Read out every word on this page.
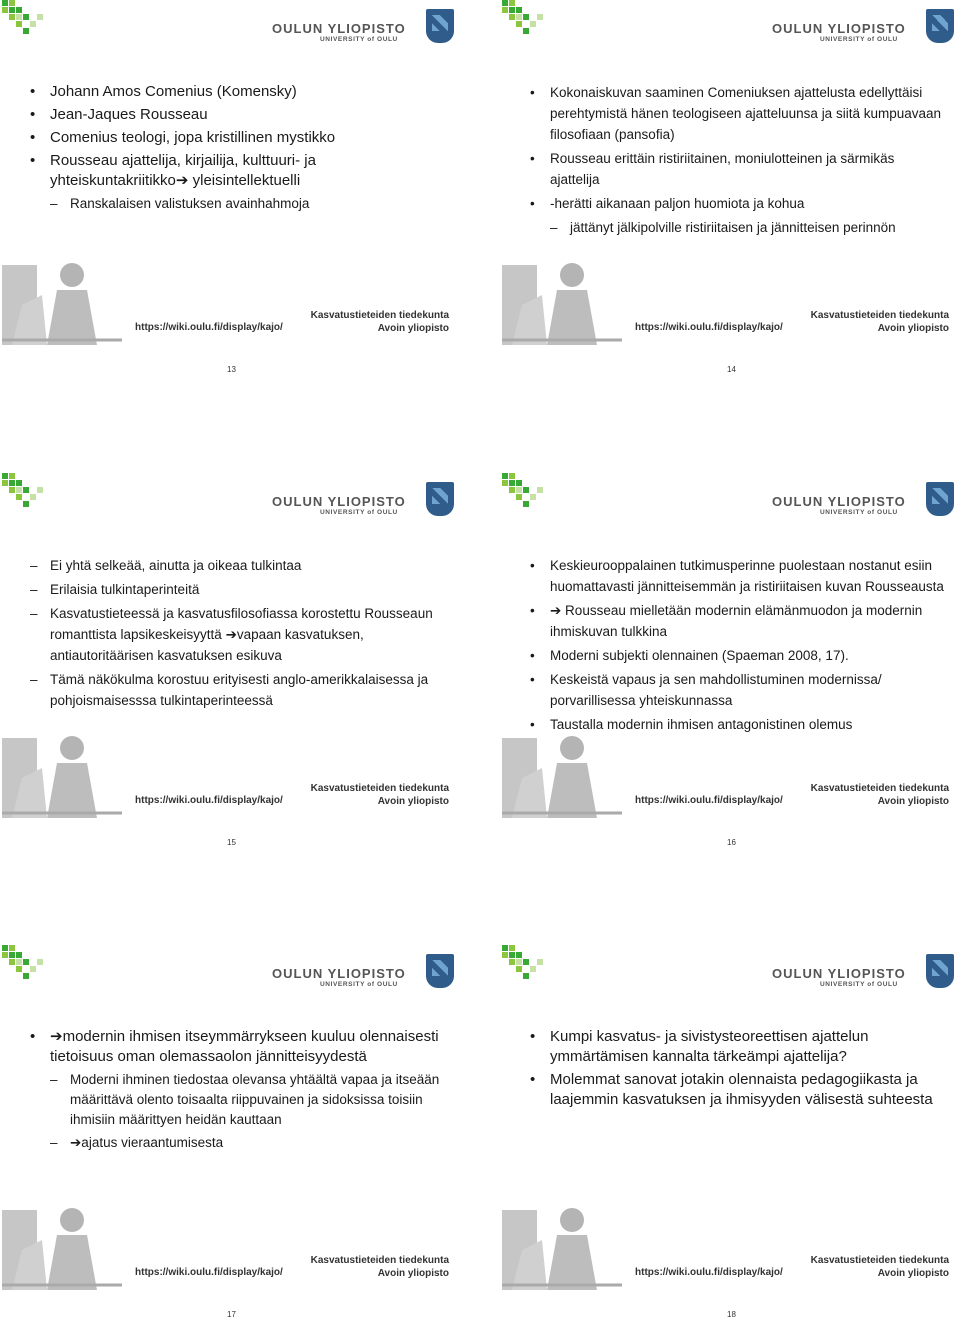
OULUN YLIOPISTO
UNIVERSITY of OULU
https://wiki.oulu.fi/display/kajo/
Kasvatustieteiden tiedekunta
Avoin yliopisto
• Johann Amos Comenius (Komensky)
• Jean-Jaques Rousseau
• Comenius teologi, jopa kristillinen mystikko
• Rousseau ajattelija, kirjailija, kulttuuri- ja yhteiskuntakriitikko➔ yleisintellektuelli
– Ranskalaisen valistuksen avainhahmoja
13
OULUN YLIOPISTO
UNIVERSITY of OULU
https://wiki.oulu.fi/display/kajo/
Kasvatustieteiden tiedekunta
Avoin yliopisto
• Kokonaiskuvan saaminen Comeniuksen ajattelusta edellyttäisi perehtymistä hänen teologiseen ajatteluunsa ja siitä kumpuavaan filosofiaan (pansofia)
• Rousseau erittäin ristiriitainen, moniulotteinen ja särmikäs ajattelija
• -herätti aikanaan paljon huomiota ja kohua
– jättänyt jälkipolville ristiriitaisen ja jännitteisen perinnön
14
OULUN YLIOPISTO
UNIVERSITY of OULU
https://wiki.oulu.fi/display/kajo/
Kasvatustieteiden tiedekunta
Avoin yliopisto
– Ei yhtä selkeää, ainutta ja oikeaa tulkintaa
– Erilaisia tulkintaperinteitä
– Kasvatustieteessä ja kasvatusfilosofiassa korostettu Rousseaun romanttista lapsikeskeisyyttä ➔vapaan kasvatuksen, antiautoritäärisen kasvatuksen esikuva
– Tämä näkökulma korostuu erityisesti anglo-amerikkalaisessa ja pohjoismaisesssa tulkintaperinteessä
15
OULUN YLIOPISTO
UNIVERSITY of OULU
https://wiki.oulu.fi/display/kajo/
Kasvatustieteiden tiedekunta
Avoin yliopisto
• Keskieurooppalainen tutkimusperinne puolestaan nostanut esiin huomattavasti jännitteisemmän ja ristiriitaisen kuvan Rousseausta
• ➔ Rousseau mielletään modernin elämänmuodon ja modernin ihmiskuvan tulkkina
• Moderni subjekti olennainen (Spaeman 2008, 17).
• Keskeistä vapaus ja sen mahdollistuminen modernissa/ porvarillisessa yhteiskunnassa
• Taustalla modernin ihmisen antagonistinen olemus
16
OULUN YLIOPISTO
UNIVERSITY of OULU
https://wiki.oulu.fi/display/kajo/
Kasvatustieteiden tiedekunta
Avoin yliopisto
• ➔modernin ihmisen itseymmärrykseen kuuluu olennaisesti tietoisuus oman olemassaolon jännitteisyydestä
– Moderni ihminen tiedostaa olevansa yhtäältä vapaa ja itseään määrittävä olento toisaalta riippuvainen ja sidoksissa toisiin ihmisiin määrittyen heidän kauttaan
– ➔ajatus vieraantumisesta
17
OULUN YLIOPISTO
UNIVERSITY of OULU
https://wiki.oulu.fi/display/kajo/
Kasvatustieteiden tiedekunta
Avoin yliopisto
• Kumpi kasvatus- ja sivistysteoreettisen ajattelun ymmärtämisen kannalta tärkeämpi ajattelija?
• Molemmat sanovat jotakin olennaista pedagogiikasta ja laajemmin kasvatuksen ja ihmisyyden välisestä suhteesta
18
